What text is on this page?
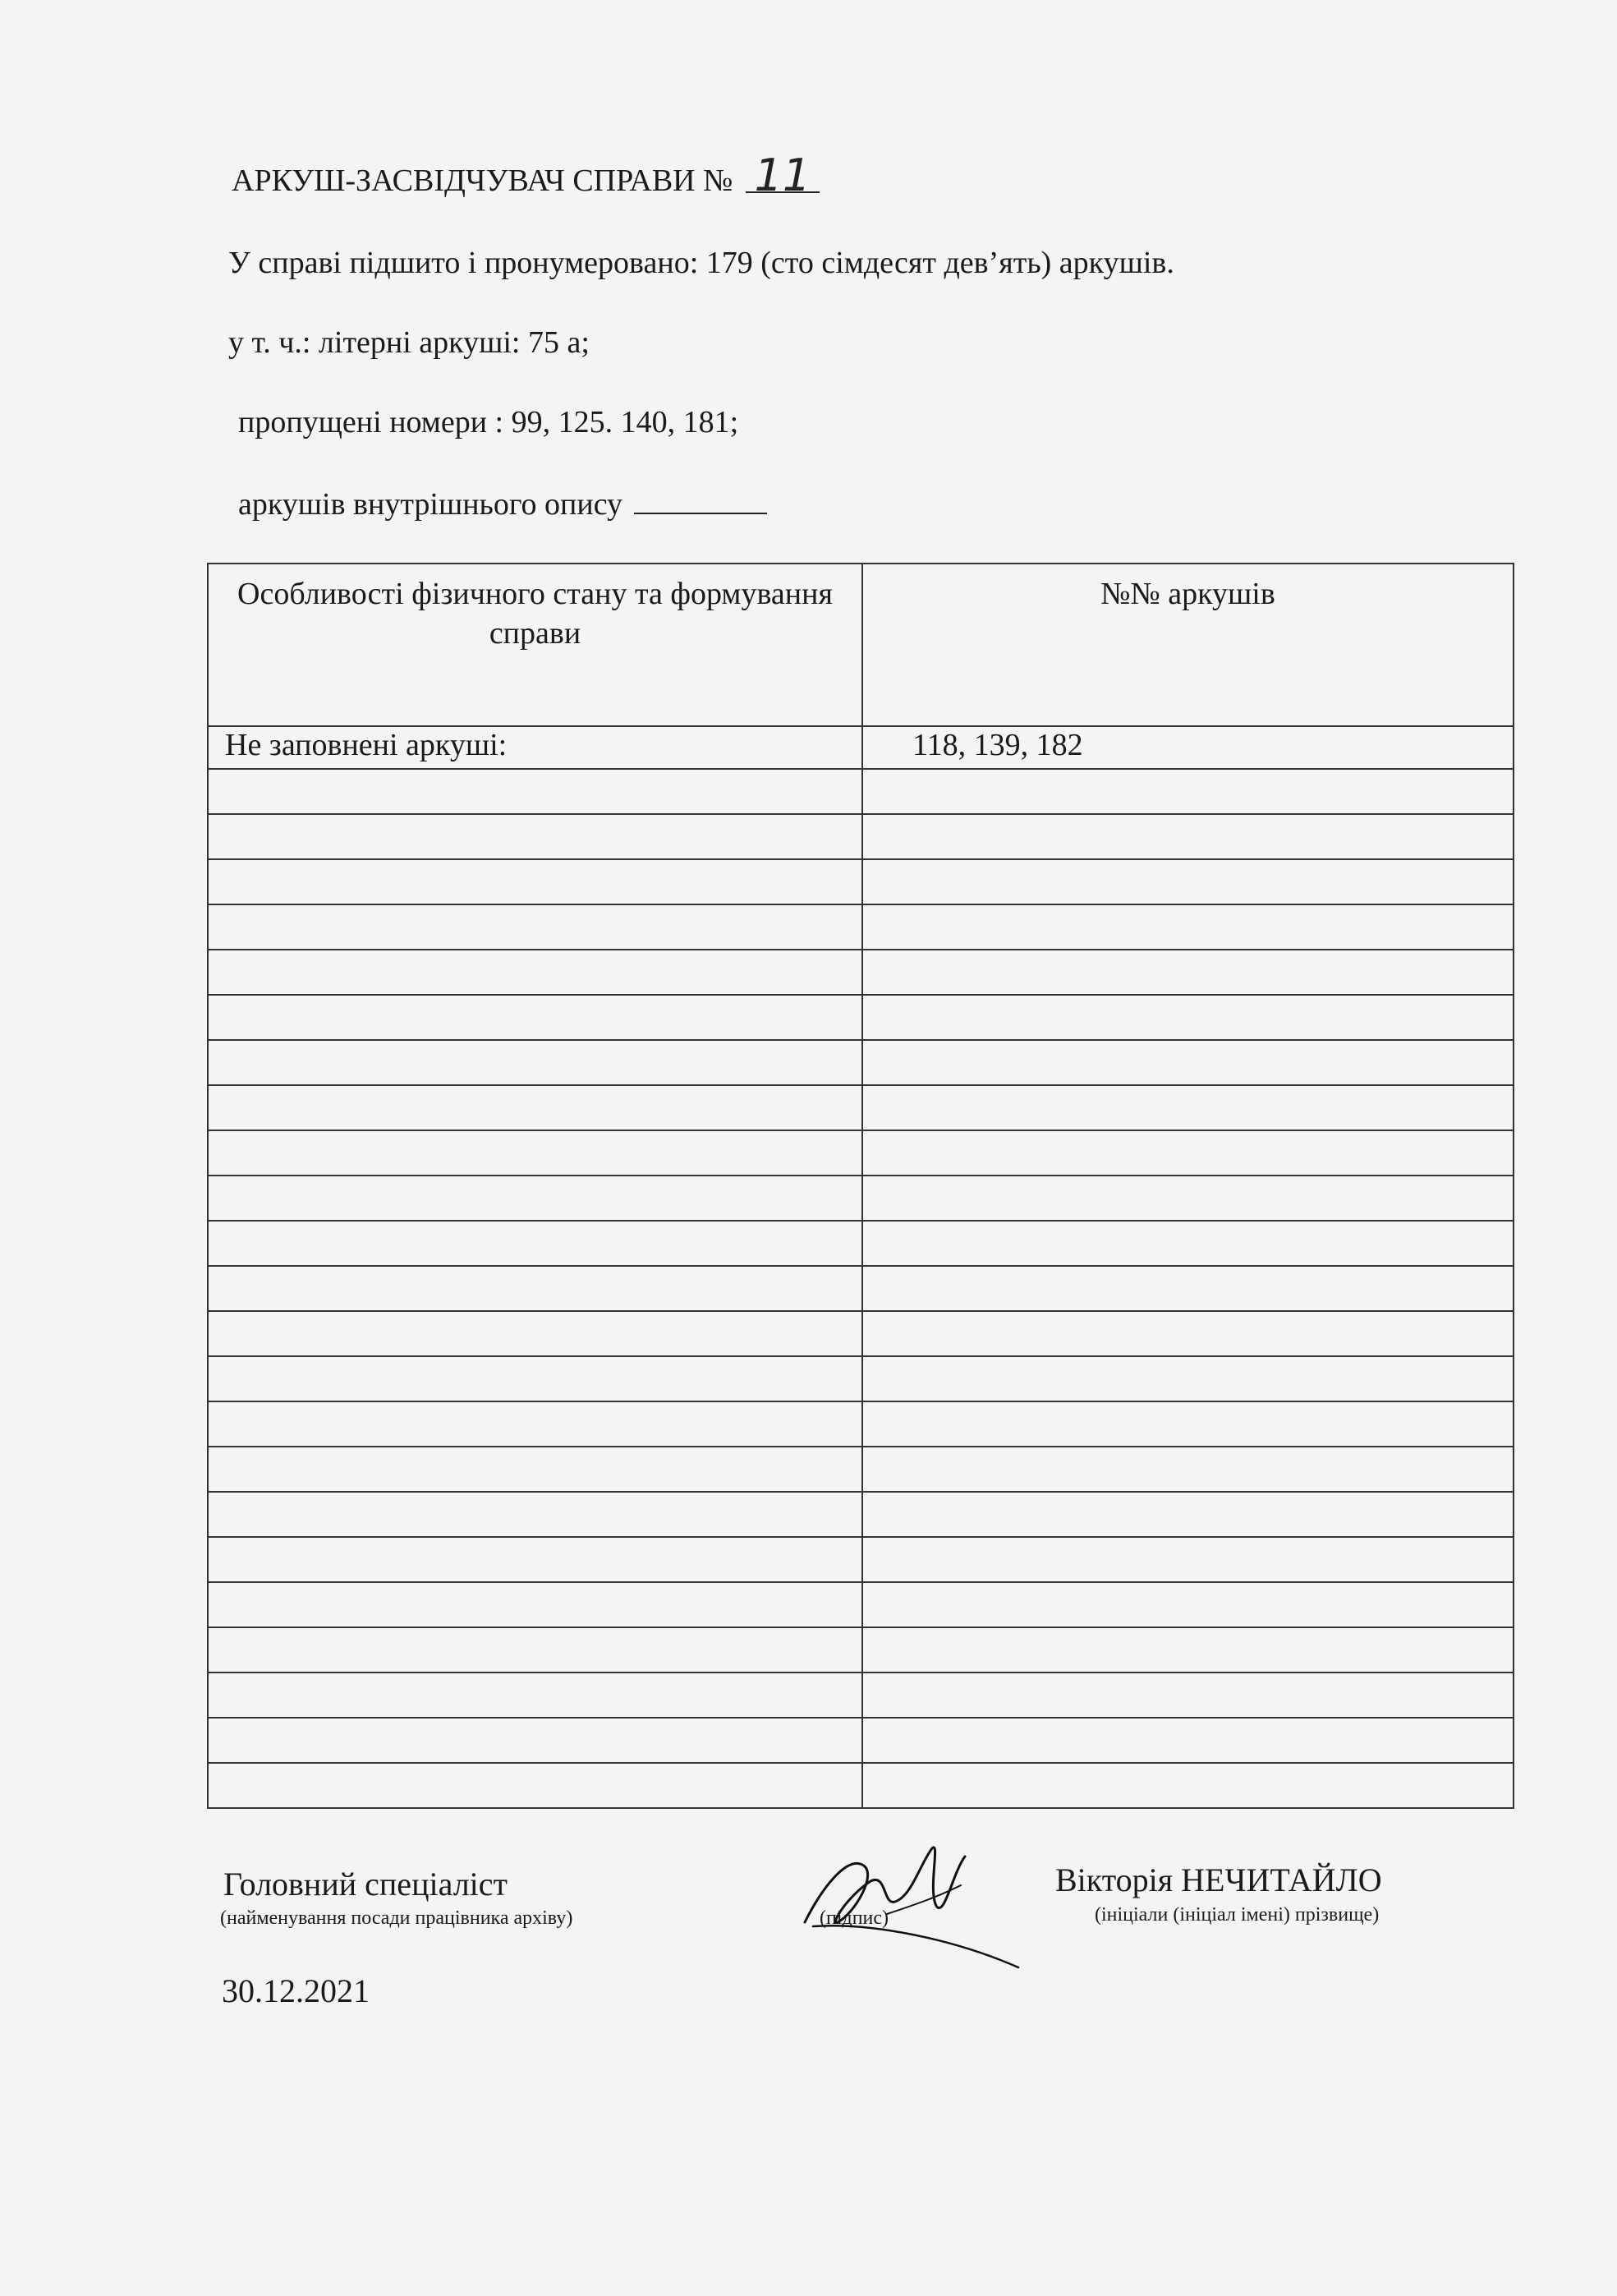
АРКУШ-ЗАСВІДЧУВАЧ СПРАВИ № 11
У справі підшито і пронумеровано: 179 (сто сімдесят дев’ять) аркушів.
у т. ч.: літерні аркуші: 75 а;
пропущені номери : 99, 125. 140, 181;
аркушів внутрішнього опису
Особливості фізичного стану та формування справи	№№ аркушів
Не заповнені аркуші:	118, 139, 182

Головний спеціаліст
(найменування посади працівника архіву)	(підпис)
Вікторія НЕЧИТАЙЛО
(ініціали (ініціал імені) прізвище)
30.12.2021
